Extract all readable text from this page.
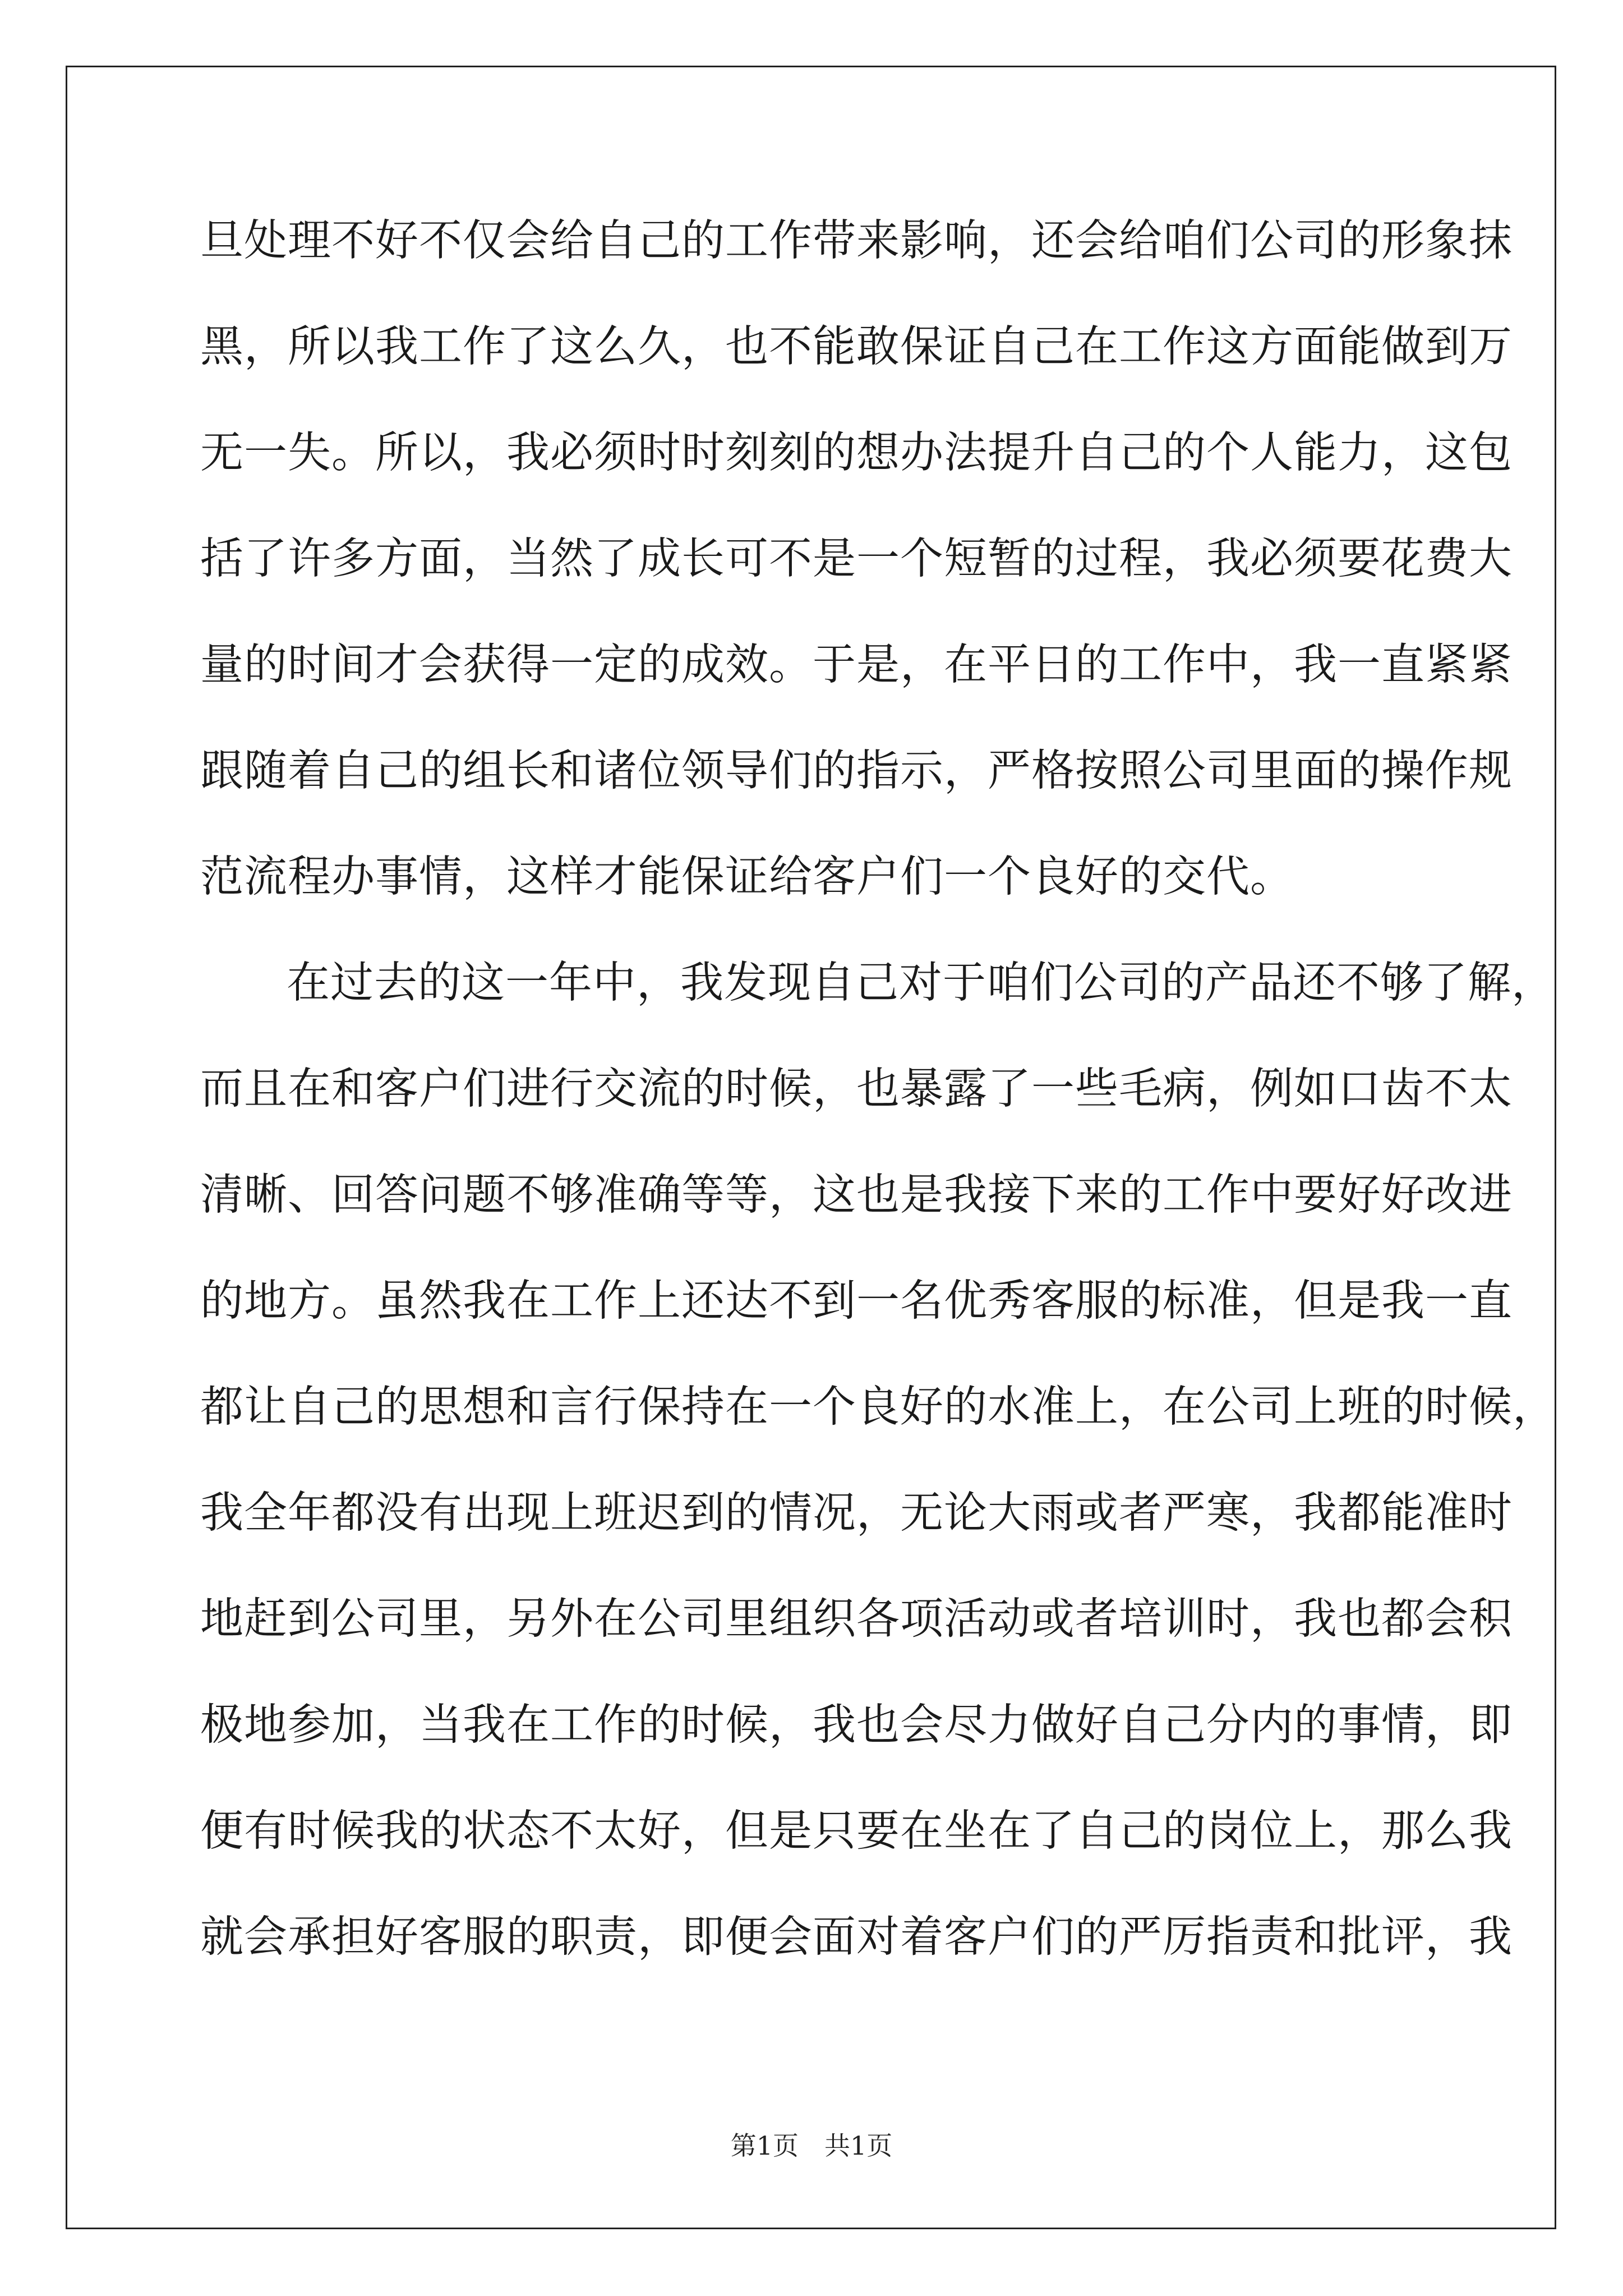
旦处理不好不仅会给自己的工作带来影响，还会给咱们公司的形象抹
黑，所以我工作了这么久，也不能敢保证自己在工作这方面能做到万
无一失。所以，我必须时时刻刻的想办法提升自己的个人能力，这包
括了许多方面，当然了成长可不是一个短暂的过程，我必须要花费大
量的时间才会获得一定的成效。于是，在平日的工作中，我一直紧紧
跟随着自己的组长和诸位领导们的指示，严格按照公司里面的操作规
范流程办事情，这样才能保证给客户们一个良好的交代。
在过去的这一年中，我发现自己对于咱们公司的产品还不够了解，
而且在和客户们进行交流的时候，也暴露了一些毛病，例如口齿不太
清晰、回答问题不够准确等等，这也是我接下来的工作中要好好改进
的地方。虽然我在工作上还达不到一名优秀客服的标准，但是我一直
都让自己的思想和言行保持在一个良好的水准上，在公司上班的时候，
我全年都没有出现上班迟到的情况，无论大雨或者严寒，我都能准时
地赶到公司里，另外在公司里组织各项活动或者培训时，我也都会积
极地参加，当我在工作的时候，我也会尽力做好自己分内的事情，即
便有时候我的状态不太好，但是只要在坐在了自己的岗位上，那么我
就会承担好客服的职责，即便会面对着客户们的严厉指责和批评，我
第1页　共1页
